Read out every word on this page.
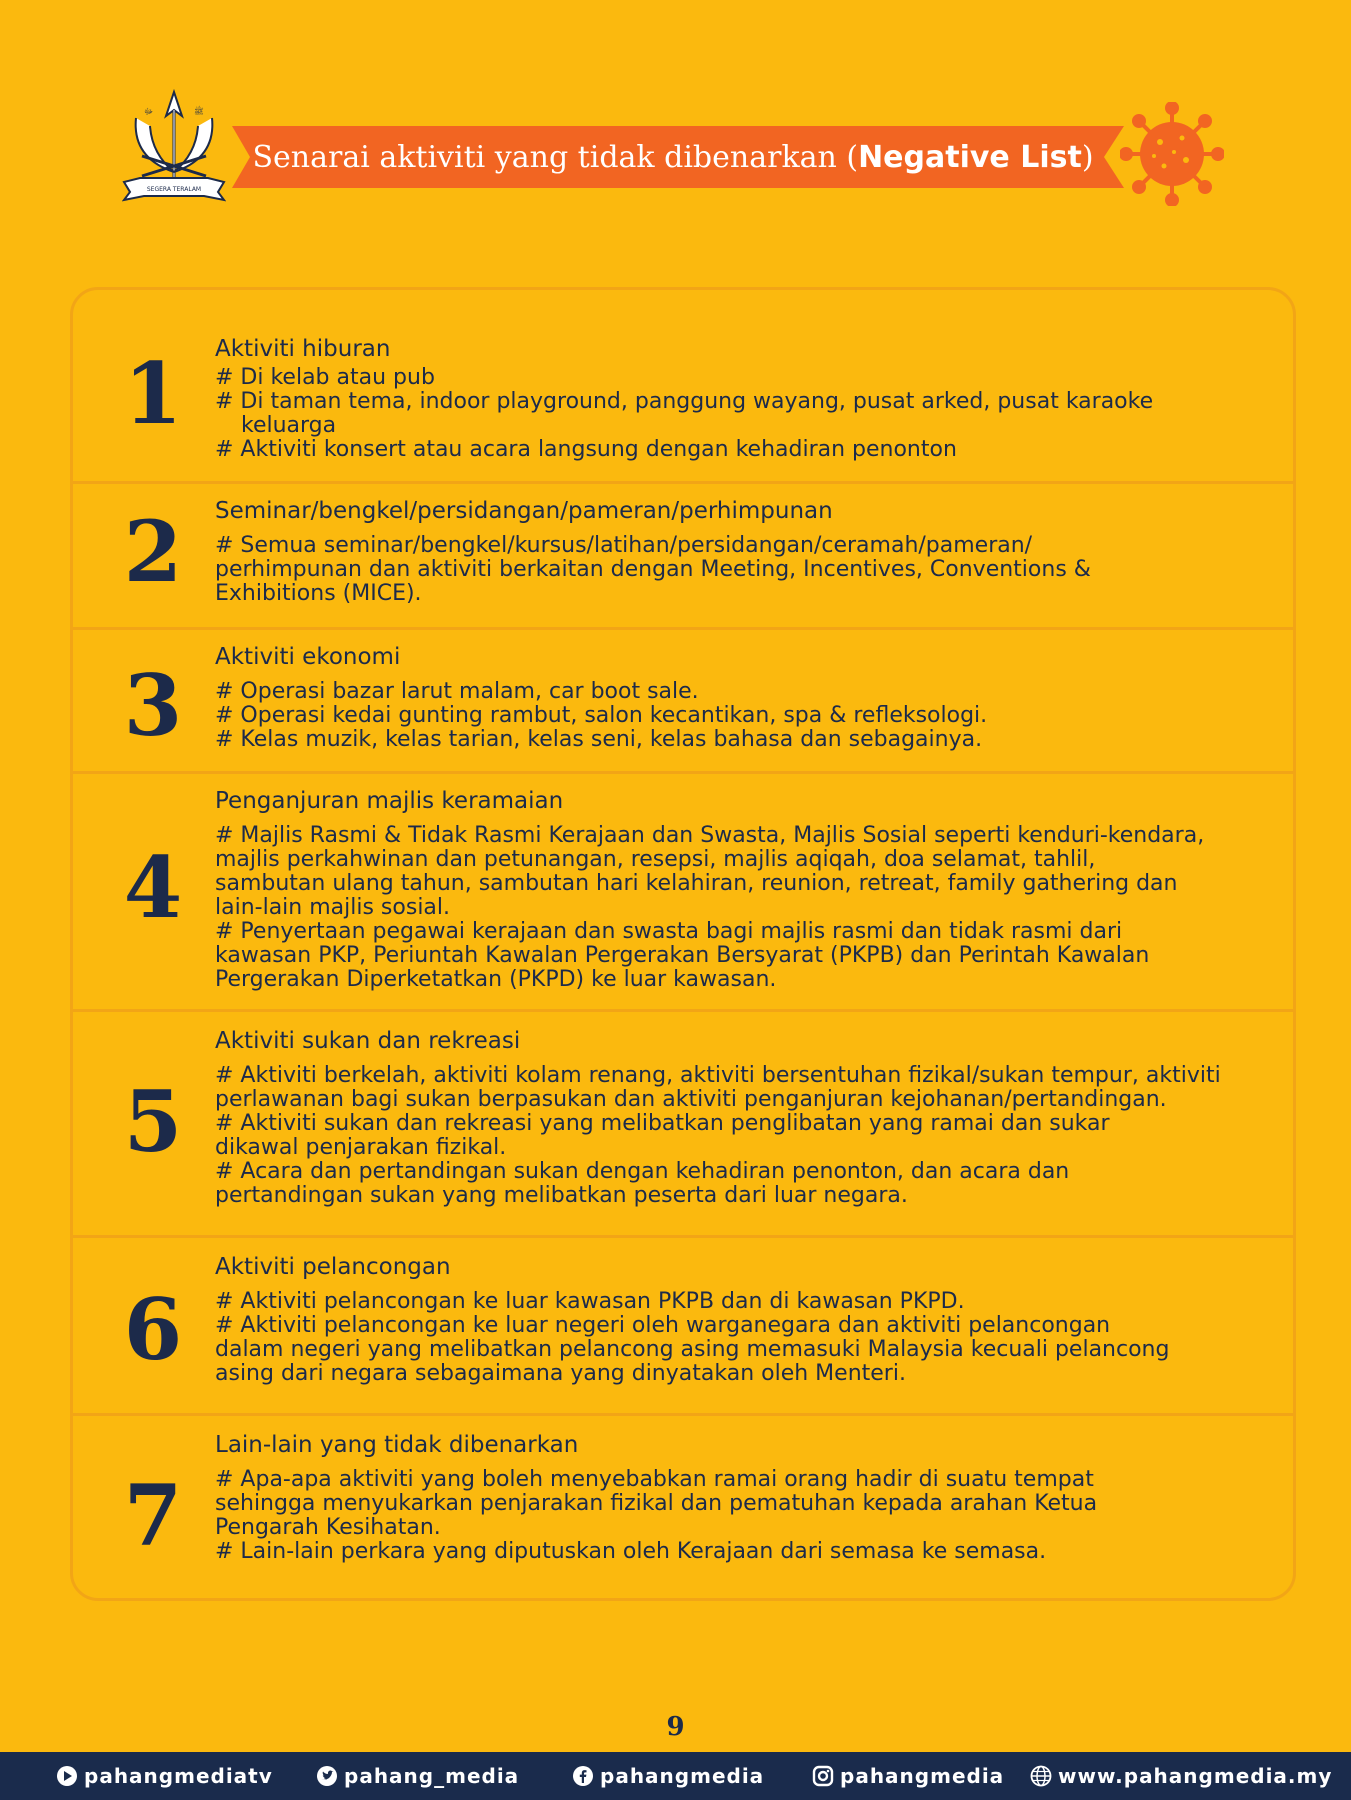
SEGERA TERALAM
ﷻ	ﷺ
Senarai aktiviti yang tidak dibenarkan ( Negative List )
1	Aktiviti hiburan
# Di kelab atau pub
# Di taman tema, indoor playground, panggung wayang, pusat arked, pusat karaoke
keluarga
# Aktiviti konsert atau acara langsung dengan kehadiran penonton
2	Seminar/bengkel/persidangan/pameran/perhimpunan
# Semua seminar/bengkel/kursus/latihan/persidangan/ceramah/pameran/
perhimpunan dan aktiviti berkaitan dengan Meeting, Incentives, Conventions &
Exhibitions (MICE).
3	Aktiviti ekonomi
# Operasi bazar larut malam, car boot sale.
# Operasi kedai gunting rambut, salon kecantikan, spa & refleksologi.
# Kelas muzik, kelas tarian, kelas seni, kelas bahasa dan sebagainya.
4
Penganjuran majlis keramaian
# Majlis Rasmi & Tidak Rasmi Kerajaan dan Swasta, Majlis Sosial seperti kenduri-kendara,
majlis perkahwinan dan petunangan, resepsi, majlis aqiqah, doa selamat, tahlil,
sambutan ulang tahun, sambutan hari kelahiran, reunion, retreat, family gathering dan
lain-lain majlis sosial.
# Penyertaan pegawai kerajaan dan swasta bagi majlis rasmi dan tidak rasmi dari
kawasan PKP, Periuntah Kawalan Pergerakan Bersyarat (PKPB) dan Perintah Kawalan
Pergerakan Diperketatkan (PKPD) ke luar kawasan.
5
Aktiviti sukan dan rekreasi
# Aktiviti berkelah, aktiviti kolam renang, aktiviti bersentuhan fizikal/sukan tempur, aktiviti
perlawanan bagi sukan berpasukan dan aktiviti penganjuran kejohanan/pertandingan.
# Aktiviti sukan dan rekreasi yang melibatkan penglibatan yang ramai dan sukar
dikawal penjarakan fizikal.
# Acara dan pertandingan sukan dengan kehadiran penonton, dan acara dan
pertandingan sukan yang melibatkan peserta dari luar negara.
6
Aktiviti pelancongan
# Aktiviti pelancongan ke luar kawasan PKPB dan di kawasan PKPD.
# Aktiviti pelancongan ke luar negeri oleh warganegara dan aktiviti pelancongan
dalam negeri yang melibatkan pelancong asing memasuki Malaysia kecuali pelancong
asing dari negara sebagaimana yang dinyatakan oleh Menteri.
7
Lain-lain yang tidak dibenarkan
# Apa-apa aktiviti yang boleh menyebabkan ramai orang hadir di suatu tempat
sehingga menyukarkan penjarakan fizikal dan pematuhan kepada arahan Ketua
Pengarah Kesihatan.
# Lain-lain perkara yang diputuskan oleh Kerajaan dari semasa ke semasa.
9
pahangmediatv	pahang_media	pahangmedia	pahangmedia	www.pahangmedia.my
